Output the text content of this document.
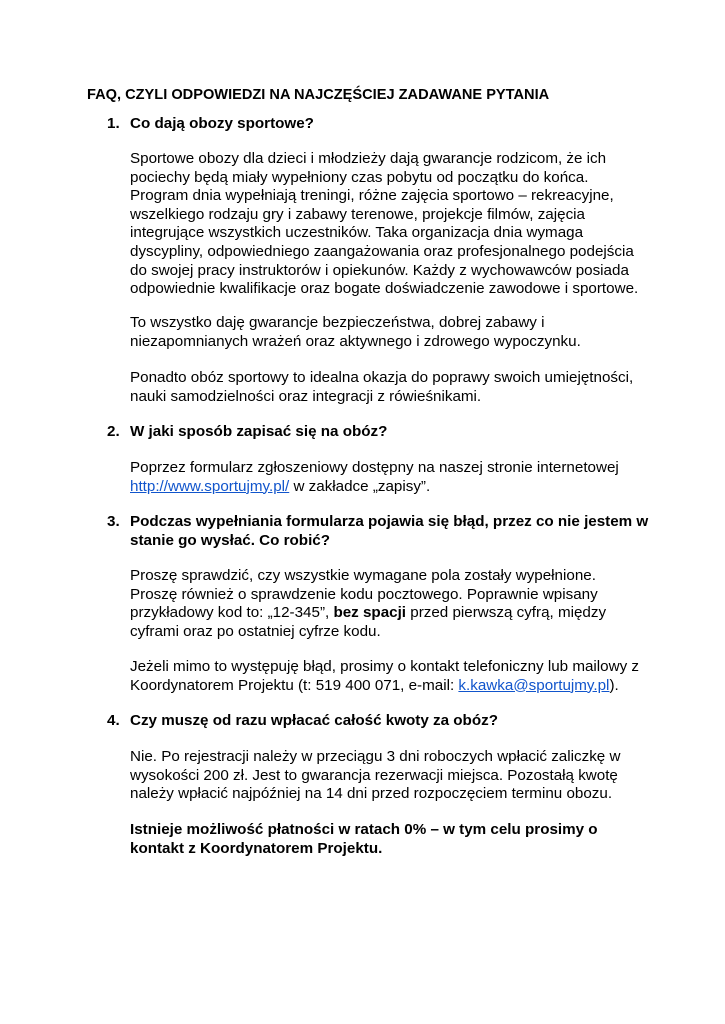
FAQ, CZYLI ODPOWIEDZI NA NAJCZĘŚCIEJ ZADAWANE PYTANIA
1. Co dają obozy sportowe?

Sportowe obozy dla dzieci i młodzieży dają gwarancje rodzicom, że ich pociechy będą miały wypełniony czas pobytu od początku do końca. Program dnia wypełniają treningi, różne zajęcia sportowo – rekreacyjne, wszelkiego rodzaju gry i zabawy terenowe, projekcje filmów, zajęcia integrujące wszystkich uczestników. Taka organizacja dnia wymaga dyscypliny, odpowiedniego zaangażowania oraz profesjonalnego podejścia do swojej pracy instruktorów i opiekunów. Każdy z wychowawców posiada odpowiednie kwalifikacje oraz bogate doświadczenie zawodowe i sportowe.

To wszystko daję gwarancje bezpieczeństwa, dobrej zabawy i niezapomnianych wrażeń oraz aktywnego i zdrowego wypoczynku.

Ponadto obóz sportowy to idealna okazja do poprawy swoich umiejętności, nauki samodzielności oraz integracji z rówieśnikami.

2. W jaki sposób zapisać się na obóz?

Poprzez formularz zgłoszeniowy dostępny na naszej stronie internetowej http://www.sportujmy.pl/ w zakładce „zapisy”.

3. Podczas wypełniania formularza pojawia się błąd, przez co nie jestem w stanie go wysłać. Co robić?

Proszę sprawdzić, czy wszystkie wymagane pola zostały wypełnione. Proszę również o sprawdzenie kodu pocztowego. Poprawnie wpisany przykładowy kod to: „12-345”, bez spacji przed pierwszą cyfrą, między cyframi oraz po ostatniej cyfrze kodu.

Jeżeli mimo to występuję błąd, prosimy o kontakt telefoniczny lub mailowy z Koordynatorem Projektu (t: 519 400 071, e-mail: k.kawka@sportujmy.pl).

4. Czy muszę od razu wpłacać całość kwoty za obóz?

Nie. Po rejestracji należy w przeciągu 3 dni roboczych wpłacić zaliczkę w wysokości 200 zł. Jest to gwarancja rezerwacji miejsca. Pozostałą kwotę należy wpłacić najpóźniej na 14 dni przed rozpoczęciem terminu obozu.

Istnieje możliwość płatności w ratach 0% – w tym celu prosimy o kontakt z Koordynatorem Projektu.
